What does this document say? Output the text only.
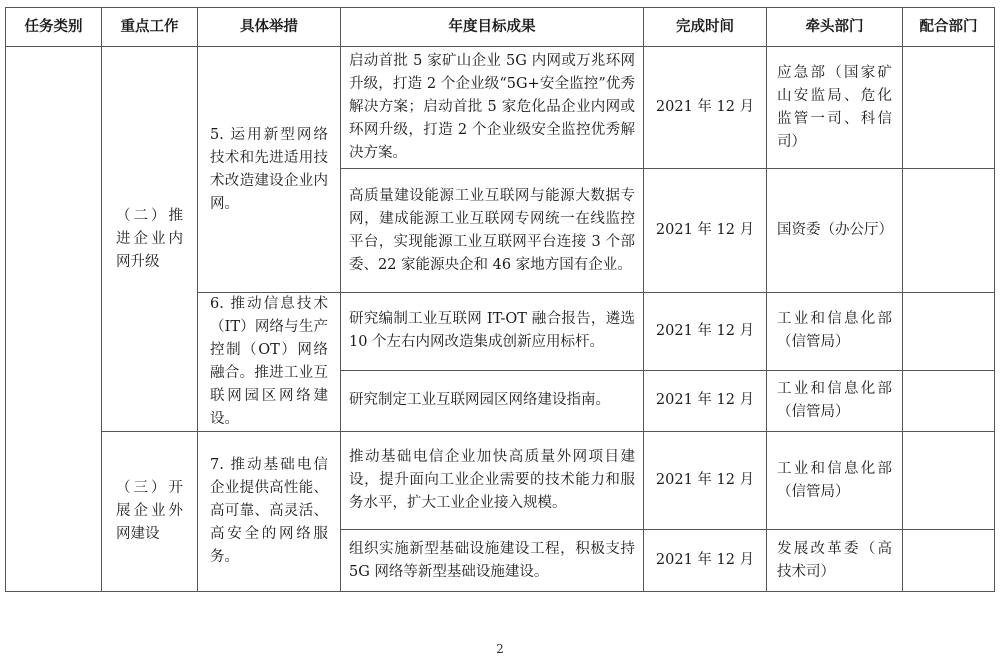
任务类别	重点工作	具体举措	年度目标成果	完成时间	牵头部门	配合部门
	（二）推进企业内网升级	5. 运用新型网络技术和先进适用技术改造建设企业内网。	启动首批 5 家矿山企业 5G 内网或万兆环网升级，打造 2 个企业级“5G+安全监控”优秀解决方案；启动首批 5 家危化品企业内网或环网升级，打造 2 个企业级安全监控优秀解决方案。	2021 年 12 月	应急部（国家矿山安监局、危化监管一司、科信司）	
			高质量建设能源工业互联网与能源大数据专网，建成能源工业互联网专网统一在线监控平台，实现能源工业互联网平台连接 3 个部委、22 家能源央企和 46 家地方国有企业。	2021 年 12 月	国资委（办公厅）	
		6. 推动信息技术（IT）网络与生产控制（OT）网络融合。推进工业互联网园区网络建设。	研究编制工业互联网 IT-OT 融合报告，遴选 10 个左右内网改造集成创新应用标杆。	2021 年 12 月	工业和信息化部（信管局）	
			研究制定工业互联网园区网络建设指南。	2021 年 12 月	工业和信息化部（信管局）	
	（三）开展企业外网建设	7. 推动基础电信企业提供高性能、高可靠、高灵活、高安全的网络服务。	推动基础电信企业加快高质量外网项目建设，提升面向工业企业需要的技术能力和服务水平，扩大工业企业接入规模。	2021 年 12 月	工业和信息化部（信管局）	
			组织实施新型基础设施建设工程，积极支持 5G 网络等新型基础设施建设。	2021 年 12 月	发展改革委（高技术司）	
2
